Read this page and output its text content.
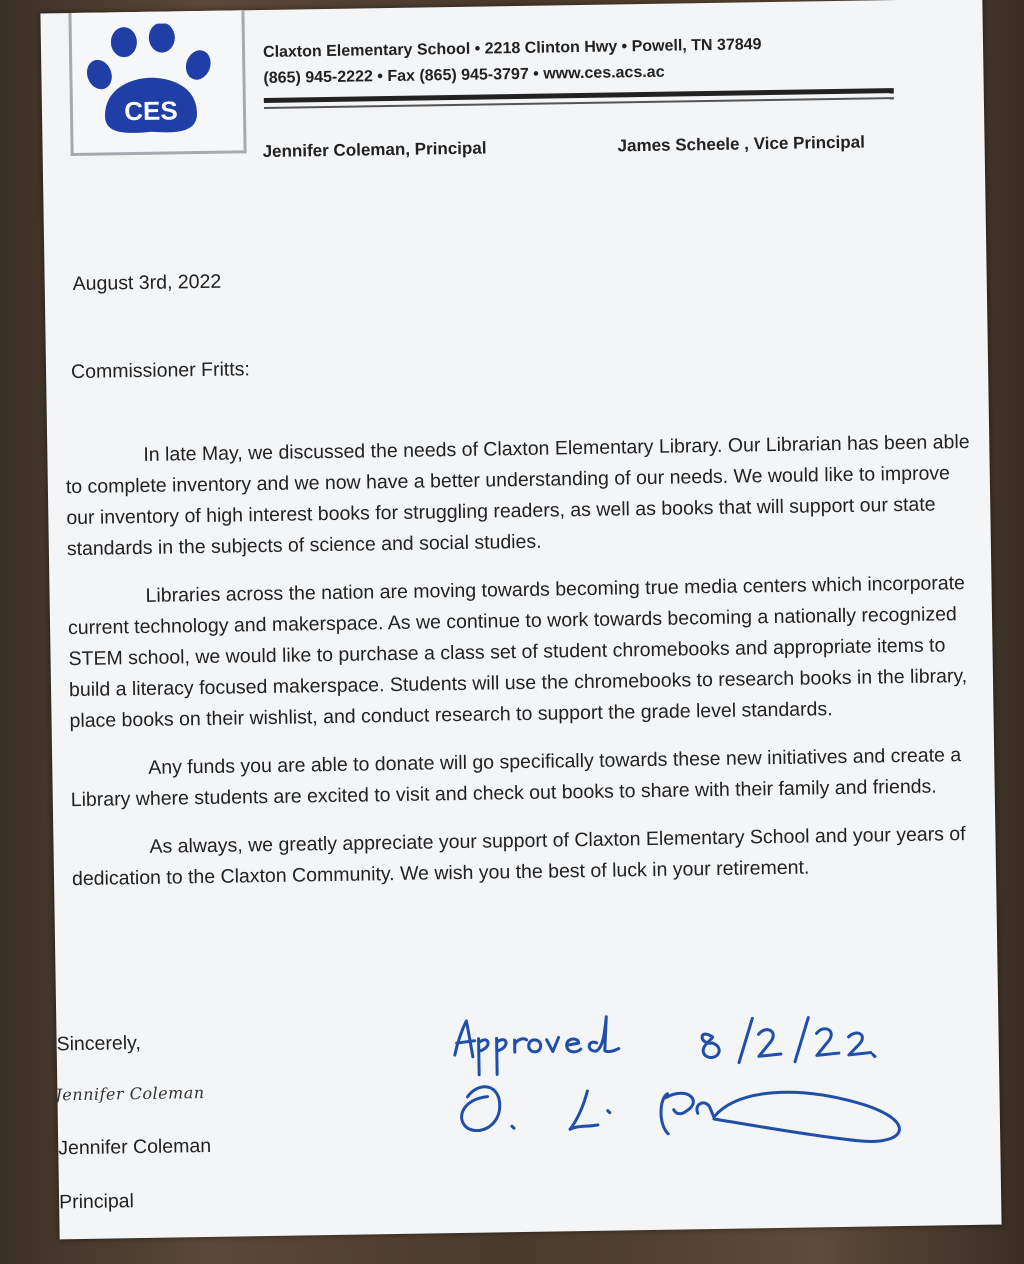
CES
Claxton Elementary School • 2218 Clinton Hwy • Powell, TN 37849
(865) 945-2222 • Fax (865) 945-3797 • www.ces.acs.ac
Jennifer Coleman, Principal	James Scheele , Vice Principal
August 3rd, 2022
Commissioner Fritts:

In late May, we discussed the needs of Claxton Elementary Library. Our Librarian has been able to complete inventory and we now have a better understanding of our needs. We would like to improve our inventory of high interest books for struggling readers, as well as books that will support our state standards in the subjects of science and social studies.

Libraries across the nation are moving towards becoming true media centers which incorporate current technology and makerspace. As we continue to work towards becoming a nationally recognized STEM school, we would like to purchase a class set of student chromebooks and appropriate items to build a literacy focused makerspace. Students will use the chromebooks to research books in the library, place books on their wishlist, and conduct research to support the grade level standards.

Any funds you are able to donate will go specifically towards these new initiatives and create a Library where students are excited to visit and check out books to share with their family and friends.

As always, we greatly appreciate your support of Claxton Elementary School and your years of dedication to the Claxton Community. We wish you the best of luck in your retirement.

Sincerely,
Jennifer Coleman
Jennifer Coleman
Principal
